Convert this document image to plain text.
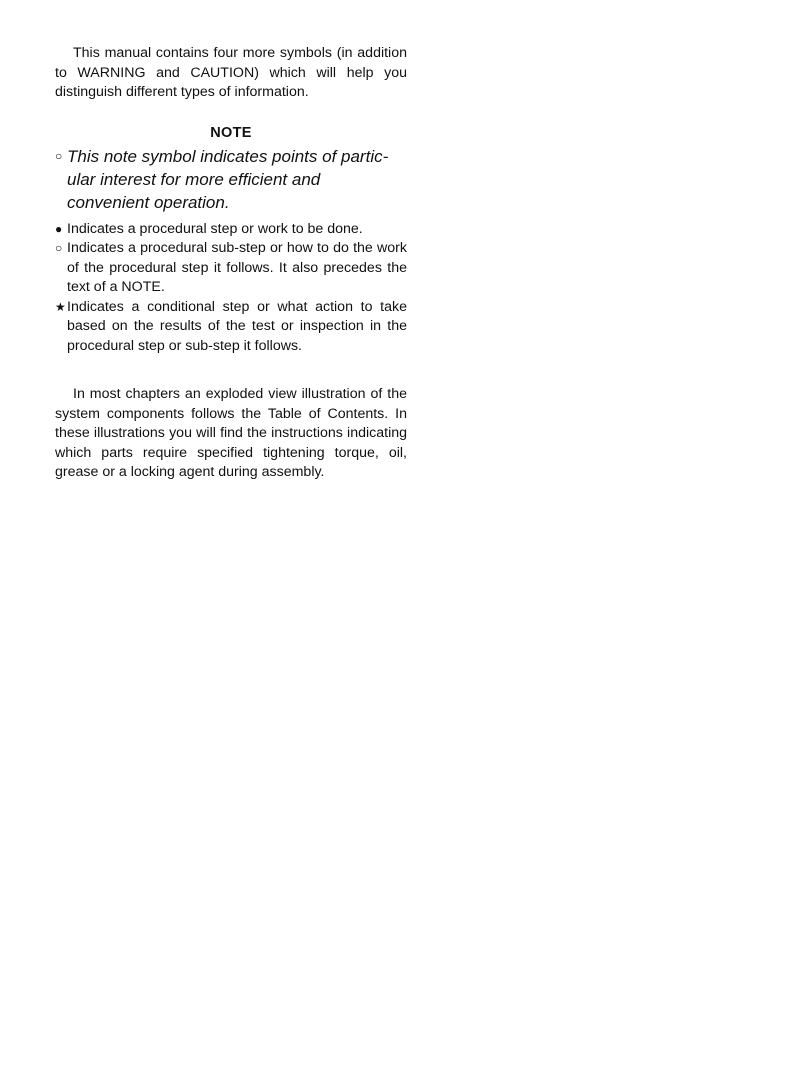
This manual contains four more symbols (in addition to WARNING and CAUTION) which will help you distinguish different types of information.

NOTE
○ This note symbol indicates points of partic-ular interest for more efficient and convenient operation.
● Indicates a procedural step or work to be done.
○ Indicates a procedural sub-step or how to do the work of the procedural step it follows. It also precedes the text of a NOTE.
★ Indicates a conditional step or what action to take based on the results of the test or inspection in the procedural step or sub-step it follows.

In most chapters an exploded view illustration of the system components follows the Table of Contents. In these illustrations you will find the instructions indicating which parts require specified tightening torque, oil, grease or a locking agent during assembly.
